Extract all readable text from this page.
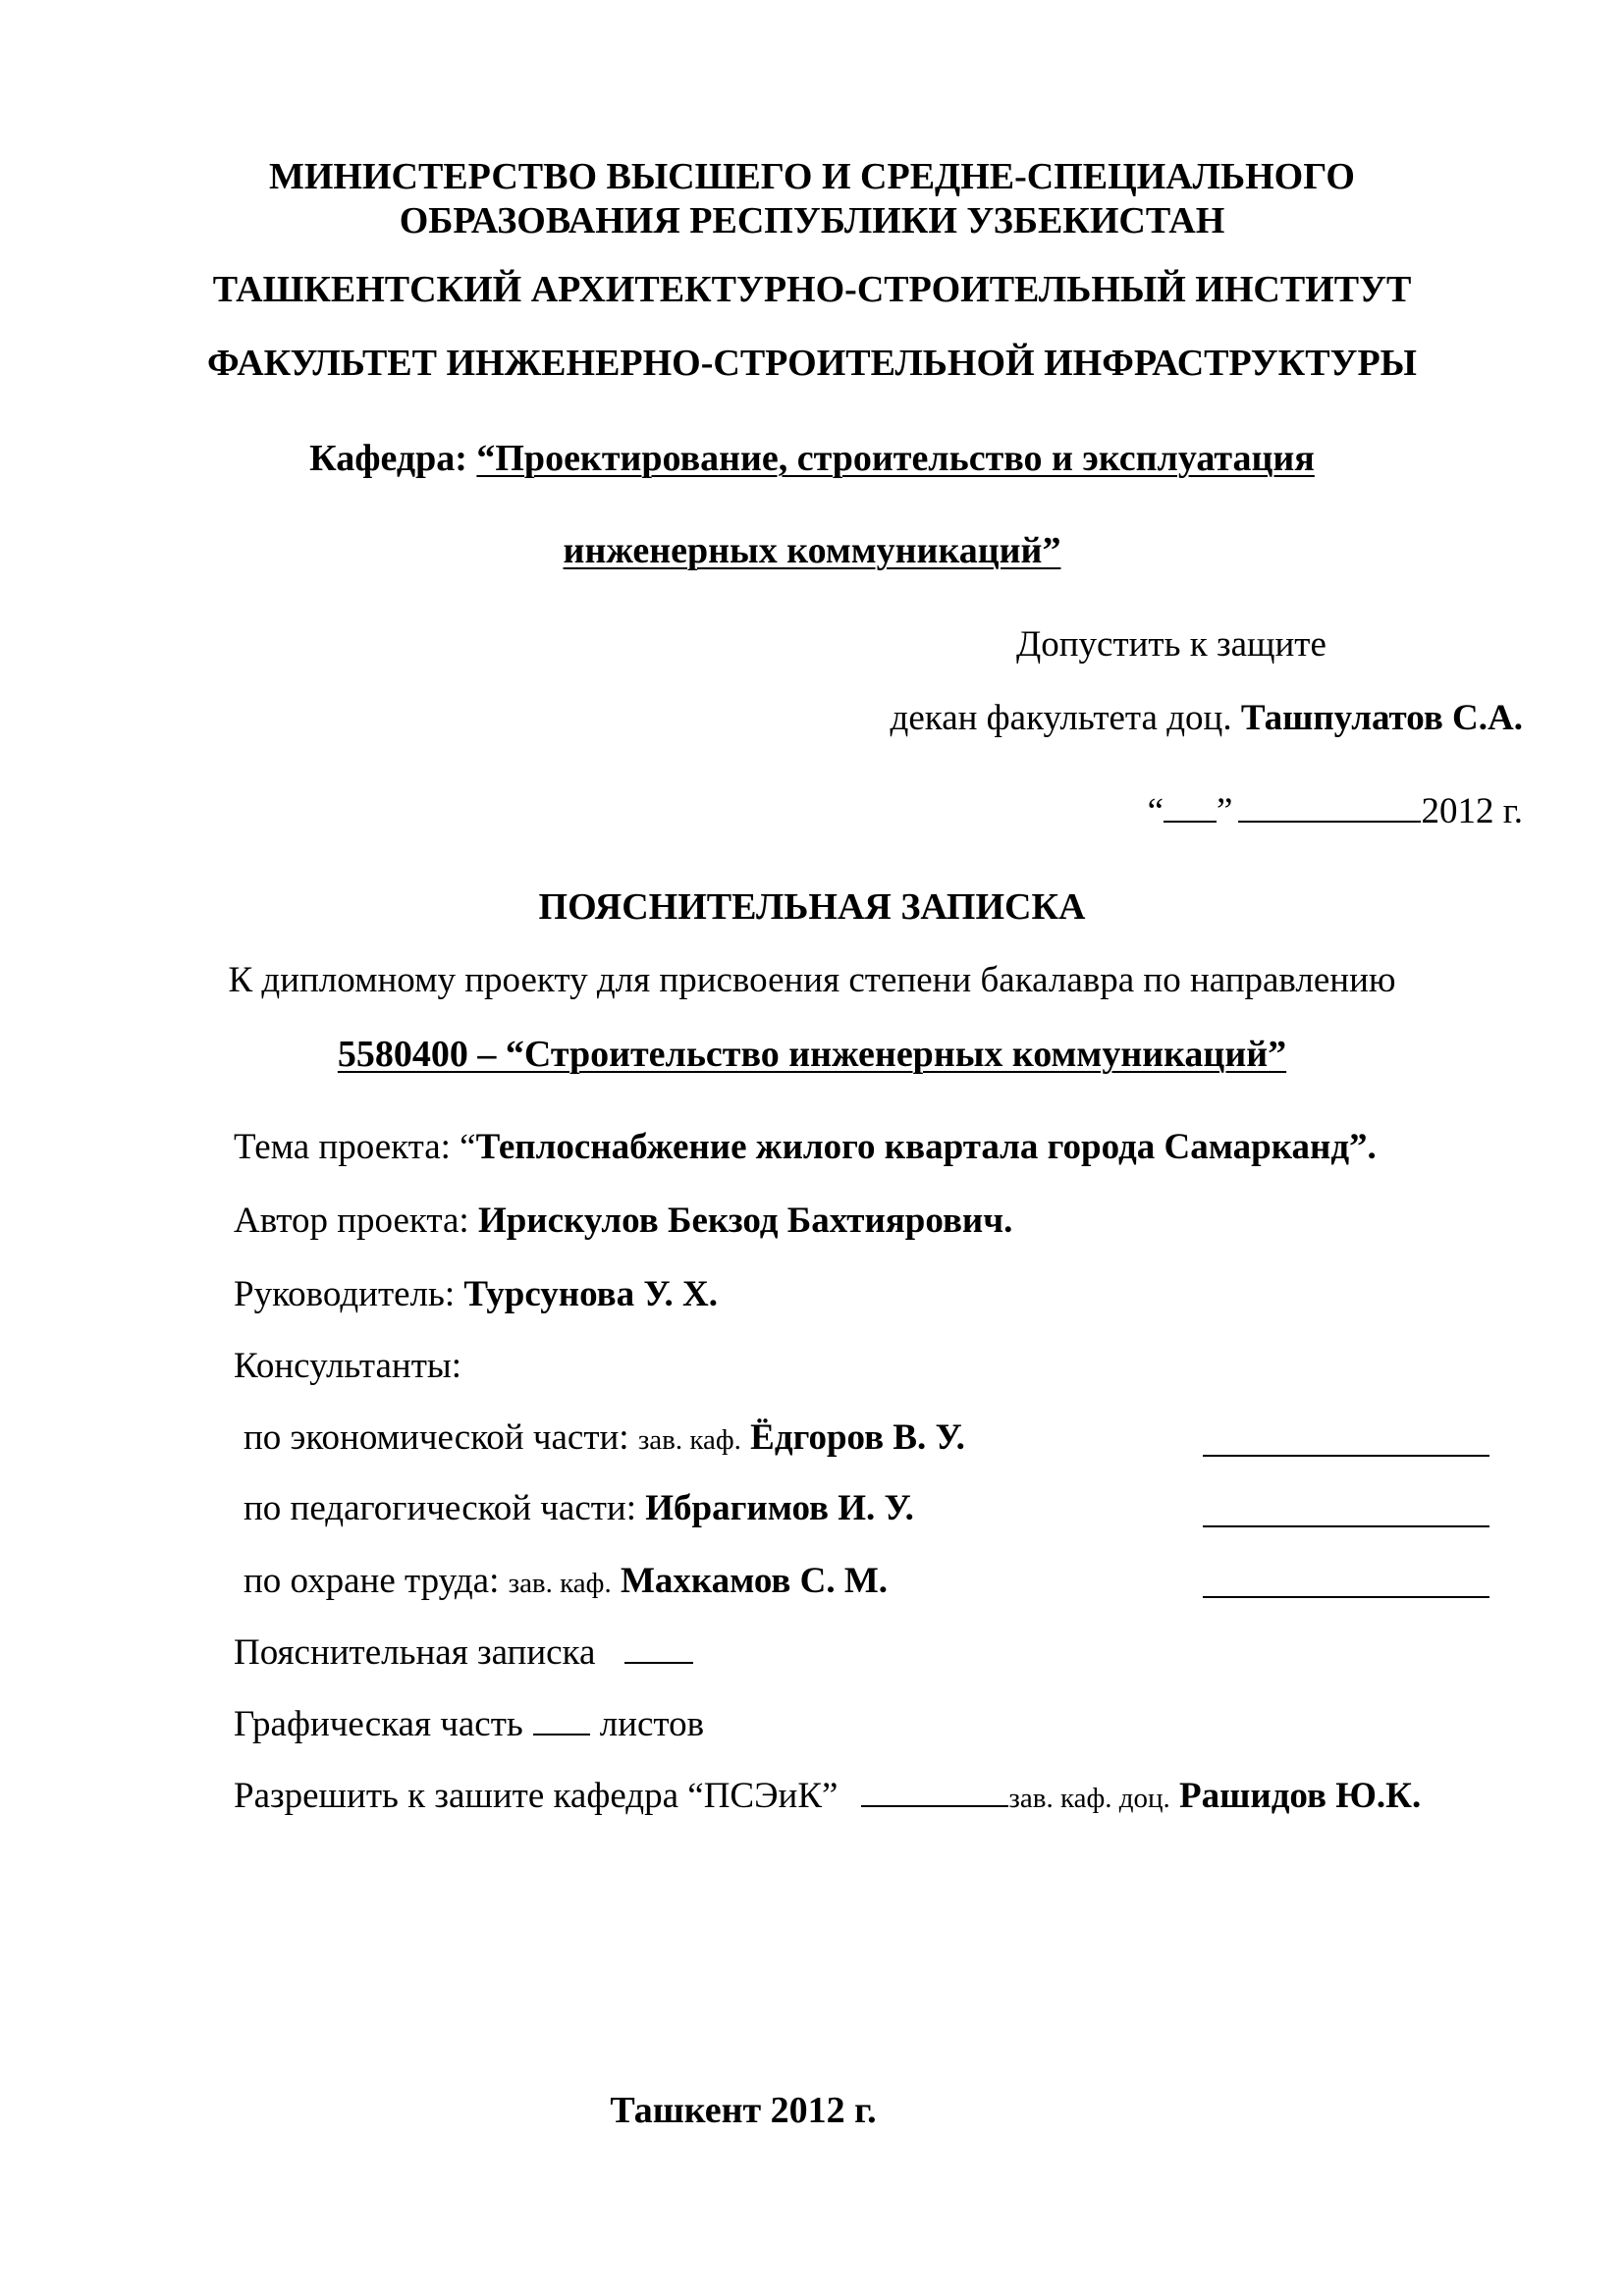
МИНИСТЕРСТВО ВЫСШЕГО И СРЕДНЕ-СПЕЦИАЛЬНОГО
ОБРАЗОВАНИЯ РЕСПУБЛИКИ УЗБЕКИСТАН
ТАШКЕНТСКИЙ АРХИТЕКТУРНО-СТРОИТЕЛЬНЫЙ ИНСТИТУТ
ФАКУЛЬТЕТ ИНЖЕНЕРНО-СТРОИТЕЛЬНОЙ ИНФРАСТРУКТУРЫ
Кафедра: “Проектирование, строительство и эксплуатация
инженерных коммуникаций”
Допустить к защите
декан факультета доц. Ташпулатов С.А.
“ ”	2012 г.
ПОЯСНИТЕЛЬНАЯ ЗАПИСКА
К дипломному проекту для присвоения степени бакалавра по направлению
5580400 – “Строительство инженерных коммуникаций”
Тема проекта: “Теплоснабжение жилого квартала города Самарканд”.
Автор проекта: Ирискулов Бекзод Бахтиярович.
Руководитель: Турсунова У. Х.
Консультанты:
по экономической части: зав. каф. Ёдгоров В. У.
по педагогической части: Ибрагимов И. У.
по охране труда: зав. каф. Махкамов С. М.
Пояснительная записка
Графическая часть листов
Разрешить к зашите кафедра “ПСЭиК”	зав. каф. доц. Рашидов Ю.К.
Ташкент 2012 г.
